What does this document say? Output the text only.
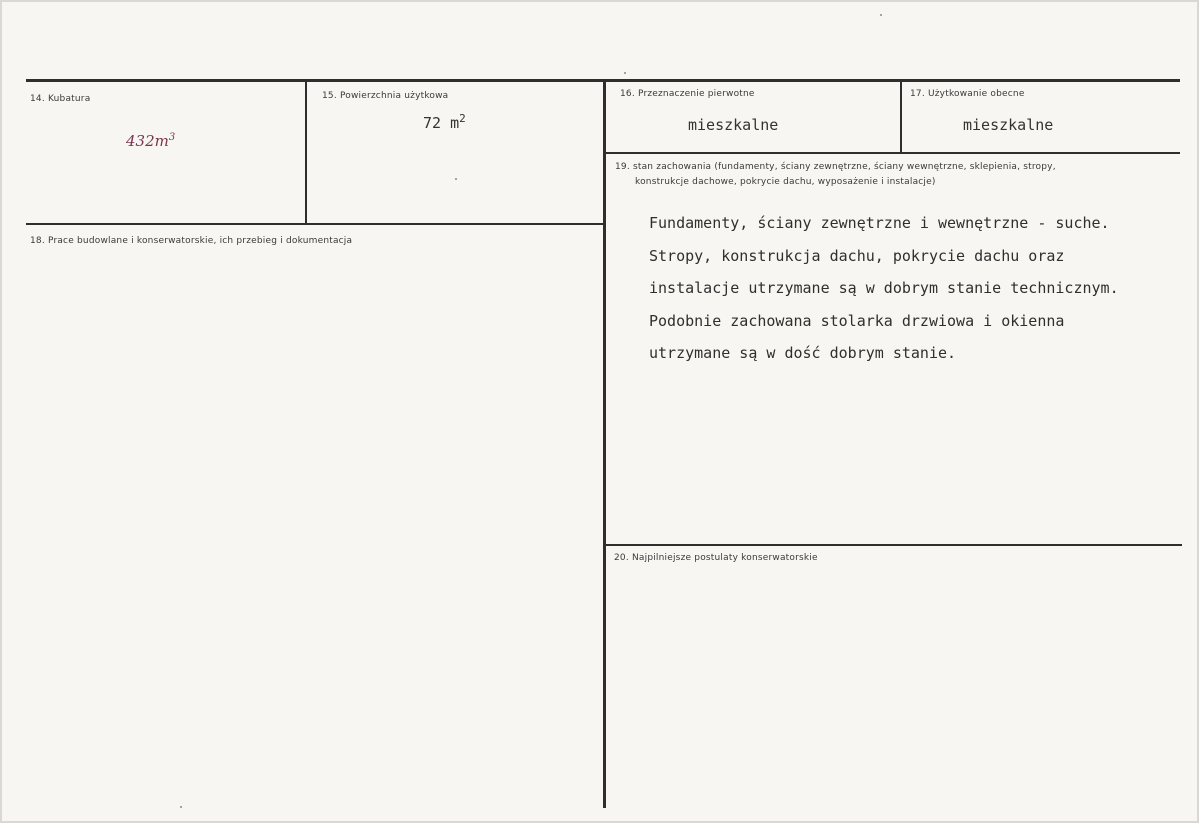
14. Kubatura
$432m^3$
15. Powierzchnia użytkowa
72 $m^2$
16. Przeznaczenie pierwotne
mieszkalne
17. Użytkowanie obecne
mieszkalne
18. Prace budowlane i konserwatorskie, ich przebieg i dokumentacja
19. stan zachowania (fundamenty, ściany zewnętrzne, ściany wewnętrzne, sklepienia, stropy,
konstrukcje dachowe, pokrycie dachu, wyposażenie i instalacje)
Fundamenty, ściany zewnętrzne i wewnętrzne - suche.
Stropy, konstrukcja dachu, pokrycie dachu oraz
instalacje utrzymane są w dobrym stanie technicznym.
Podobnie zachowana stolarka drzwiowa i okienna
utrzymane są w dość dobrym stanie.
20. Najpilniejsze postulaty konserwatorskie
